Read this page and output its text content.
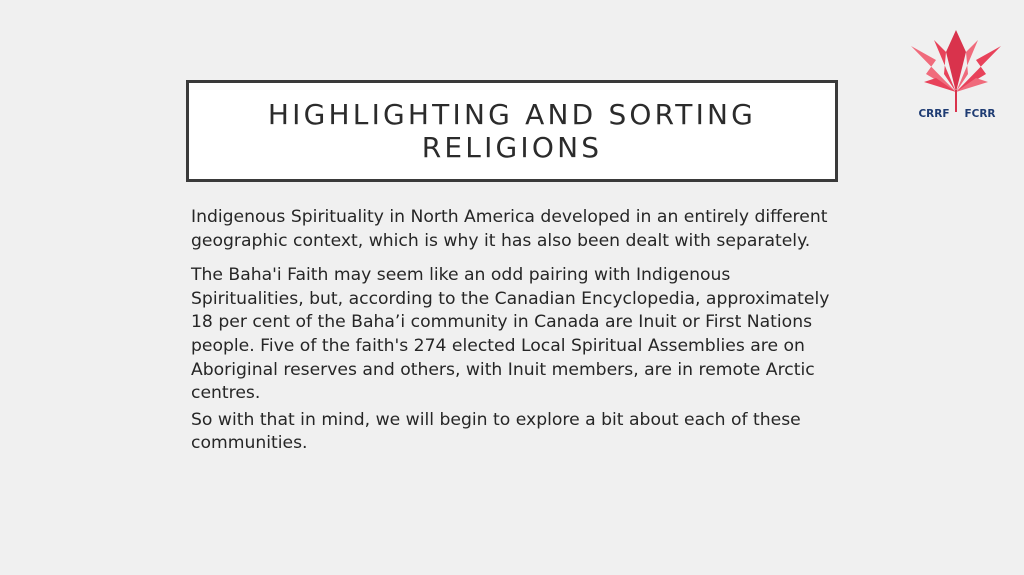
HIGHLIGHTING AND SORTING RELIGIONS

Indigenous Spirituality in North America developed in an entirely different geographic context, which is why it has also been dealt with separately.

The Baha'i Faith may seem like an odd pairing with Indigenous Spiritualities, but, according to the Canadian Encyclopedia, approximately 18 per cent of the Baha’i community in Canada are Inuit or First Nations people. Five of the faith's 274 elected Local Spiritual Assemblies are on Aboriginal reserves and others, with Inuit members, are in remote Arctic centres.

So with that in mind, we will begin to explore a bit about each of these communities.

CRRF FCRR
